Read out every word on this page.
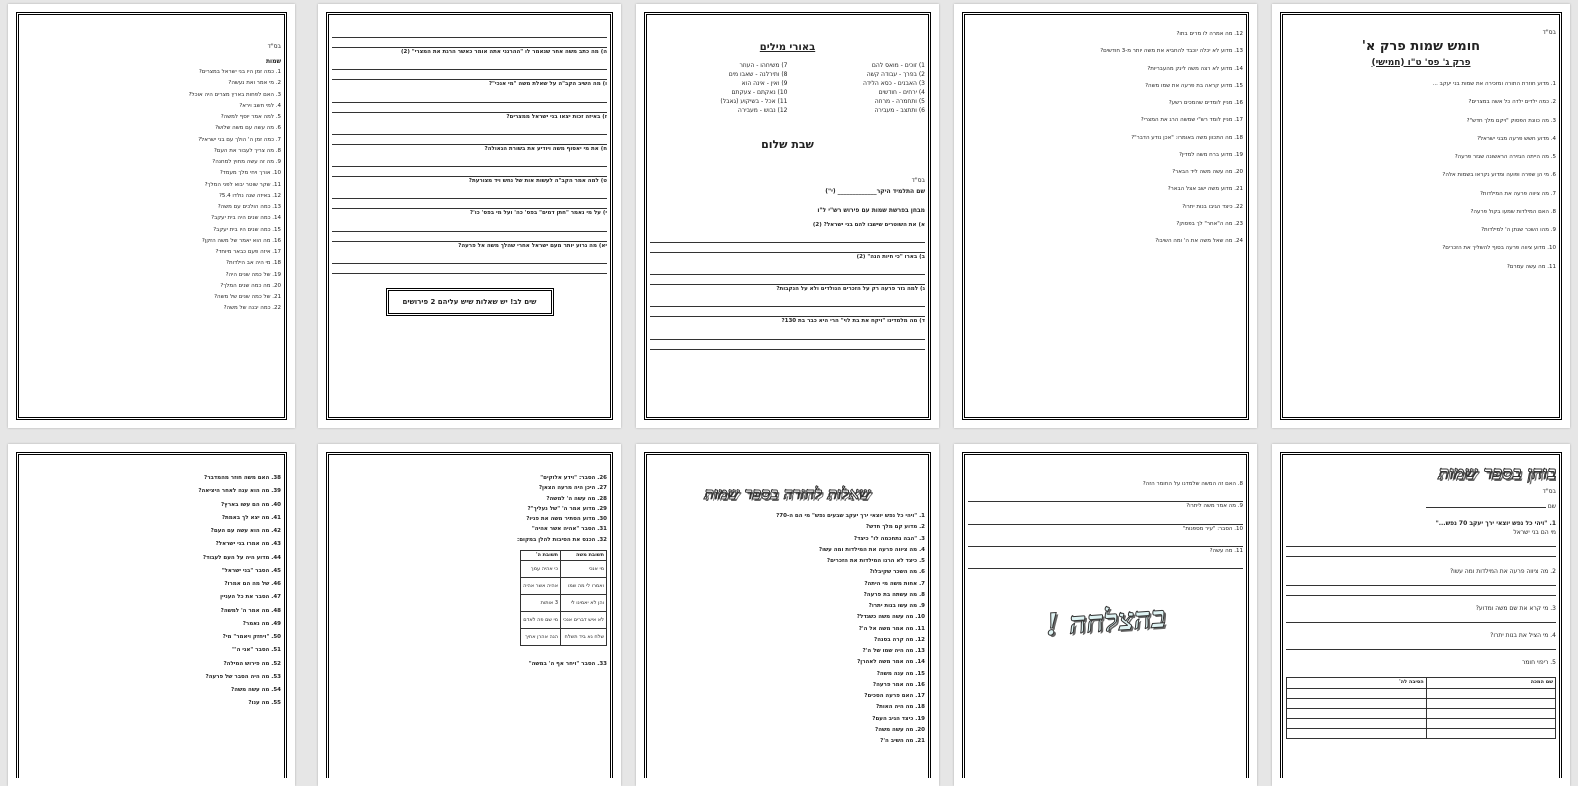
בס"ד
שמות
1. כמה זמן היו בני ישראל במצרים?
2. מי אמר ואת נעשה?
3. האם לפחות בארץ מצרים היה אוכל?
4. למי חשב וירא?
5. למה אמר יוסף למשה?
6. מה עשה עם משה שלוש?
7. כמה זמן ה' הולך עם בני ישראל?
8. מה צריך לעבור את העם?
9. מה זה עשה מחוץ למחנה?
10. אורך ויחי מלך מעמד?
11. שקר שוטר יבוא לפני המלך?
12. באיזה שנה נולדו 5.4?
13. כמה הולכים עם משה?
14. כמה שנים היה בית יעקב?
15. כמה שנים היו בית יעקב?
16. מה הוא יאמר של משה הזקן?
17. איזה פעם כבאר מיוחד?
18. מי היה אב הילדות?
19. של כמה שנים היה?
20. מה כמה שנים המלך?
21. של כמה שנים של משה?
22. כמה יבנה של משה?
ה) מה כתב משה אחר שנאמר לו "ההרגני אתה אומר כאשר הרגת את המצרי" (2)
ו) מה השיב הקב"ה על שאלת משה "מי אנכי"?
ז) באיזה זכות יצאו בני ישראל ממצרים?
ח) את מי יאסוף משה ויודיע את בשורת הגאולה?
ט) למה אמר הקב"ה לעשות אות של נחש ויד מצורעת?
י) על מי נאמר "חתן דמים" בפס' כה' ועל מי בפס' כו'?
יא) מה גרוע יותר מעם ישראל אחרי שהלך משה אל פרעה?
שים לב! יש שאלות שיש עליהם 2 פירושים
באורי מילים
1) זוכים - מואס להם
7) משיחהו - העוזר
2) בפרך - עבודה קשה
8) ותירלנה - שאבו מים
3) האבנים - כסא הלידה
9) ואין - אינה הוא
4) ירחים - חודשים
10) נאקתם - צעקתם
5) ותחמרה - מרחה
11) אכל - בשיקוע (גאבל)
6) ותתצב - מעבירה
12) נבוש - מעבירה
שבת שלום
בס"ד
שם התלמיד היקר_____________ (י")
מבחן בפרשת שמות עם פירוש רש"י ל"ו
א) את השוטרים שישבו להם בני ישראל? (2)
ב) בארו "כי חיות הנה" (2)
ג) למה גזר פרעה רק על הזכרים הנולדים ולא על הנקבות?
ד) מה מלמדינו "ויקח את בת לוי" הרי היא כבר בת 130?
12. מה אמרה לו מרים בתו?
13. מדוע לא יכלה יוכבד להחביא את משה יותר מ-3 חודשים?
14. מדוע לא רצה משה לינק מהעבריות?
15. מדוע קראה בת פרעה את שמו משה?
16. מניין לומדים שהמכים רשע?
17. מניין לומד רש"י שמשה הרג את המצרי?
18. מה התכוון משה באומרו: "אכן נודע הדבר"?
19. מדוע ברח משה למדין?
20. מה עשה משה ליד הבאר?
21. מדוע משה ישב אצל הבאר?
22. כיצד הגיבו בנות יתרו?
23. מה ה"אחר" לך בפסוק?
24. מה שאל משה את ה' ומה השיבו?
בס"ד
חומש שמות פרק א'
פרק ג' פס' ט"ו (חמישי)
1. מדוע חוזרת התורה ומזכירה את שמות בני יעקב ...
2. כמה ילדים ילדה כל אשה במצרים?
3. מה כוונת הפסוק "ויקם מלך חדש"?
4. מדוע חשש פרעה מבני ישראל?
5. מה הייתה הגזירה הראשונה שגזר פרעה?
6. מי הן שפרה ופועה ומדוע נקראו בשמות אלה?
7. מה ציווה פרעה את המילדות?
8. האם המילדות שמעו בקול פרעה?
9. מהו השכר שנתן ה' למילדות?
10. מדוע ציווה פרעה בסוף להשליך את הזכרים?
11. מה עשה עמרם?
38. האם משה חוזר מהמדבר?
39. מה הוא ענה לאחר היציאה?
40. מה הם עשו בארץ?
41. מה יצא לך באמת?
42. מה הוא עשה עם העם?
43. מה אמרו בני ישראל?
44. מדוע היה על העם לעבוד?
45. הסבר "בני ישראל"
46. של מה הם אמרו?
47. הסבר את כל העניין
48. מה אמר ה' למשה?
49. מה נאמר?
50. "ויחזק ויאמר" מי?
51. הסבר "אני ה'"
52. מה פירוש המילה?
53. מה היה הסבר של פרעה?
54. מה עשה משה?
55. מה ענו?
26. הסבר: "וידע אלוקים"
27. היכן היה מרעה הצאן?
28. מה עשה ה' למשה?
29. מדוע אמר ה' "של נעליך"?
30. מדוע הסתיר משה את פניו?
31. הסבר "אהיה אשר אהיה"
32. הכנס את הסיבות להלן במקום:
תשובת משה	תשובת ה'
מי אנכי	כי אהיה עמך
ואמרו לי מה שמו	אהיה אשר אהיה
והן לא יאמינו לי	3 אותות
לא איש דברים אנכי	מי שם פה לאדם
שלח נא ביד תשלח	הנה אהרן אחיך
33. הסבר "ויחר אף ה' במשה"
שאלות לחזרה בספר שמות
1. "ויהי כל נפש יוצאי ירך יעקב שבעים נפש" מי הם ה-70?
2. מדוע קם מלך חדש?
3. "הבה נתחכמה לו" כיצד?
4. מה ציווה פרעה את המילדות ומה עשו?
5. כיצד לא הרגו המילדות את הזכרים?
6. מה השכר שקיבלו?
7. אחות משה מי היתה?
8. מה עשתה בת פרעה?
9. מה עשו בנות יתרו?
10. מה עשה משה כשגדל?
11. מה אמר משה אל ה'?
12. מה קרה בסנה?
13. מה היה שמו של ה'?
14. מה אמר משה לאהרן?
15. מה ענה משה?
16. מה אמר פרעה?
17. האם פרעה הסכים?
18. מה היה האות?
19. כיצד הגיב העם?
20. מה עשה משה?
21. מה השיב ה'?
8. האם זה המשה שלמדנו על החומר הזה?
9. מה אמר משה ליתרו?
10. הסבר: "עיר מספנות"
11. מה עשה?
בהצלחה !
בוחן בספר שמות
בס"ד
שם
1. "ויהי כל נפש יוצאי ירך יעקב 70 נפש..."
מי הם בני ישראל
2. מה ציווה פרעה את המילדות ומה עשו?
3. מי קרא את שם משה ומדוע?
4. מי הציל את בנות יתרו?
5. ריפוי חומר
שם המכה	הסיבה לה'
